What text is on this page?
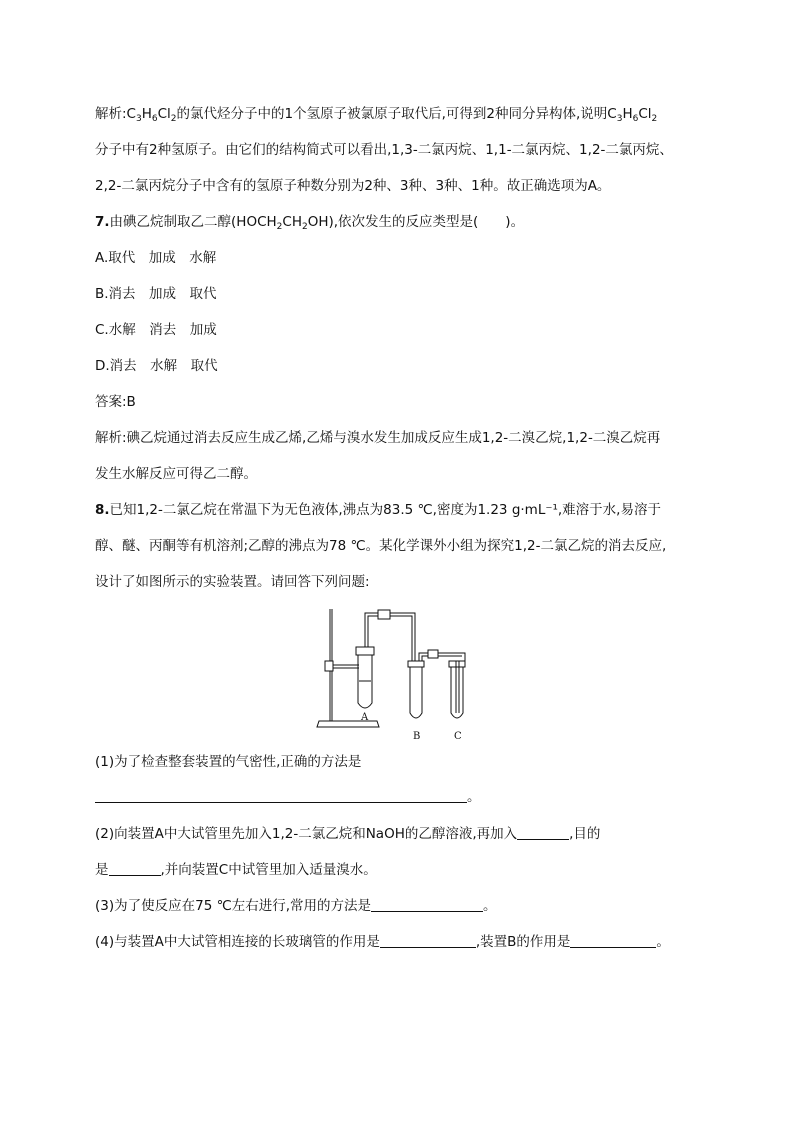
解析$:C_3H_6Cl_2$的氯代烃分子中的1个氢原子被氯原子取代后,可得到2种同分异构体,说明$C_3H_6Cl_2$
分子中有2种氢原子。由它们的结构简式可以看出,1,3-二氯丙烷、1,1-二氯丙烷、1,2-二氯丙烷、
2,2-二氯丙烷分子中含有的氢原子种数分别为2种、3种、3种、1种。故正确选项为A。
7.由碘乙烷制取乙二醇$(HOCH_2CH_2OH)$,依次发生的反应类型是(　　)。
A.取代　加成　水解
B.消去　加成　取代
C.水解　消去　加成
D.消去　水解　取代
答案:B
解析:碘乙烷通过消去反应生成乙烯,乙烯与溴水发生加成反应生成1,2-二溴乙烷,1,2-二溴乙烷再
发生水解反应可得乙二醇。
8.已知1,2-二氯乙烷在常温下为无色液体,沸点为83.5 ℃,密度为1.23 g·mL⁻¹,难溶于水,易溶于
醇、醚、丙酮等有机溶剂;乙醇的沸点为78 ℃。某化学课外小组为探究1,2-二氯乙烷的消去反应,
设计了如图所示的实验装置。请回答下列问题:
A
B	C
(1)为了检查整套装置的气密性,正确的方法是
。
(2)向装置A中大试管里先加入1,2-二氯乙烷和NaOH的乙醇溶液,再加入	,目的
是	,并向装置C中试管里加入适量溴水。
(3)为了使反应在75 ℃左右进行,常用的方法是	。
(4)与装置A中大试管相连接的长玻璃管的作用是	,装置B的作用是	。
